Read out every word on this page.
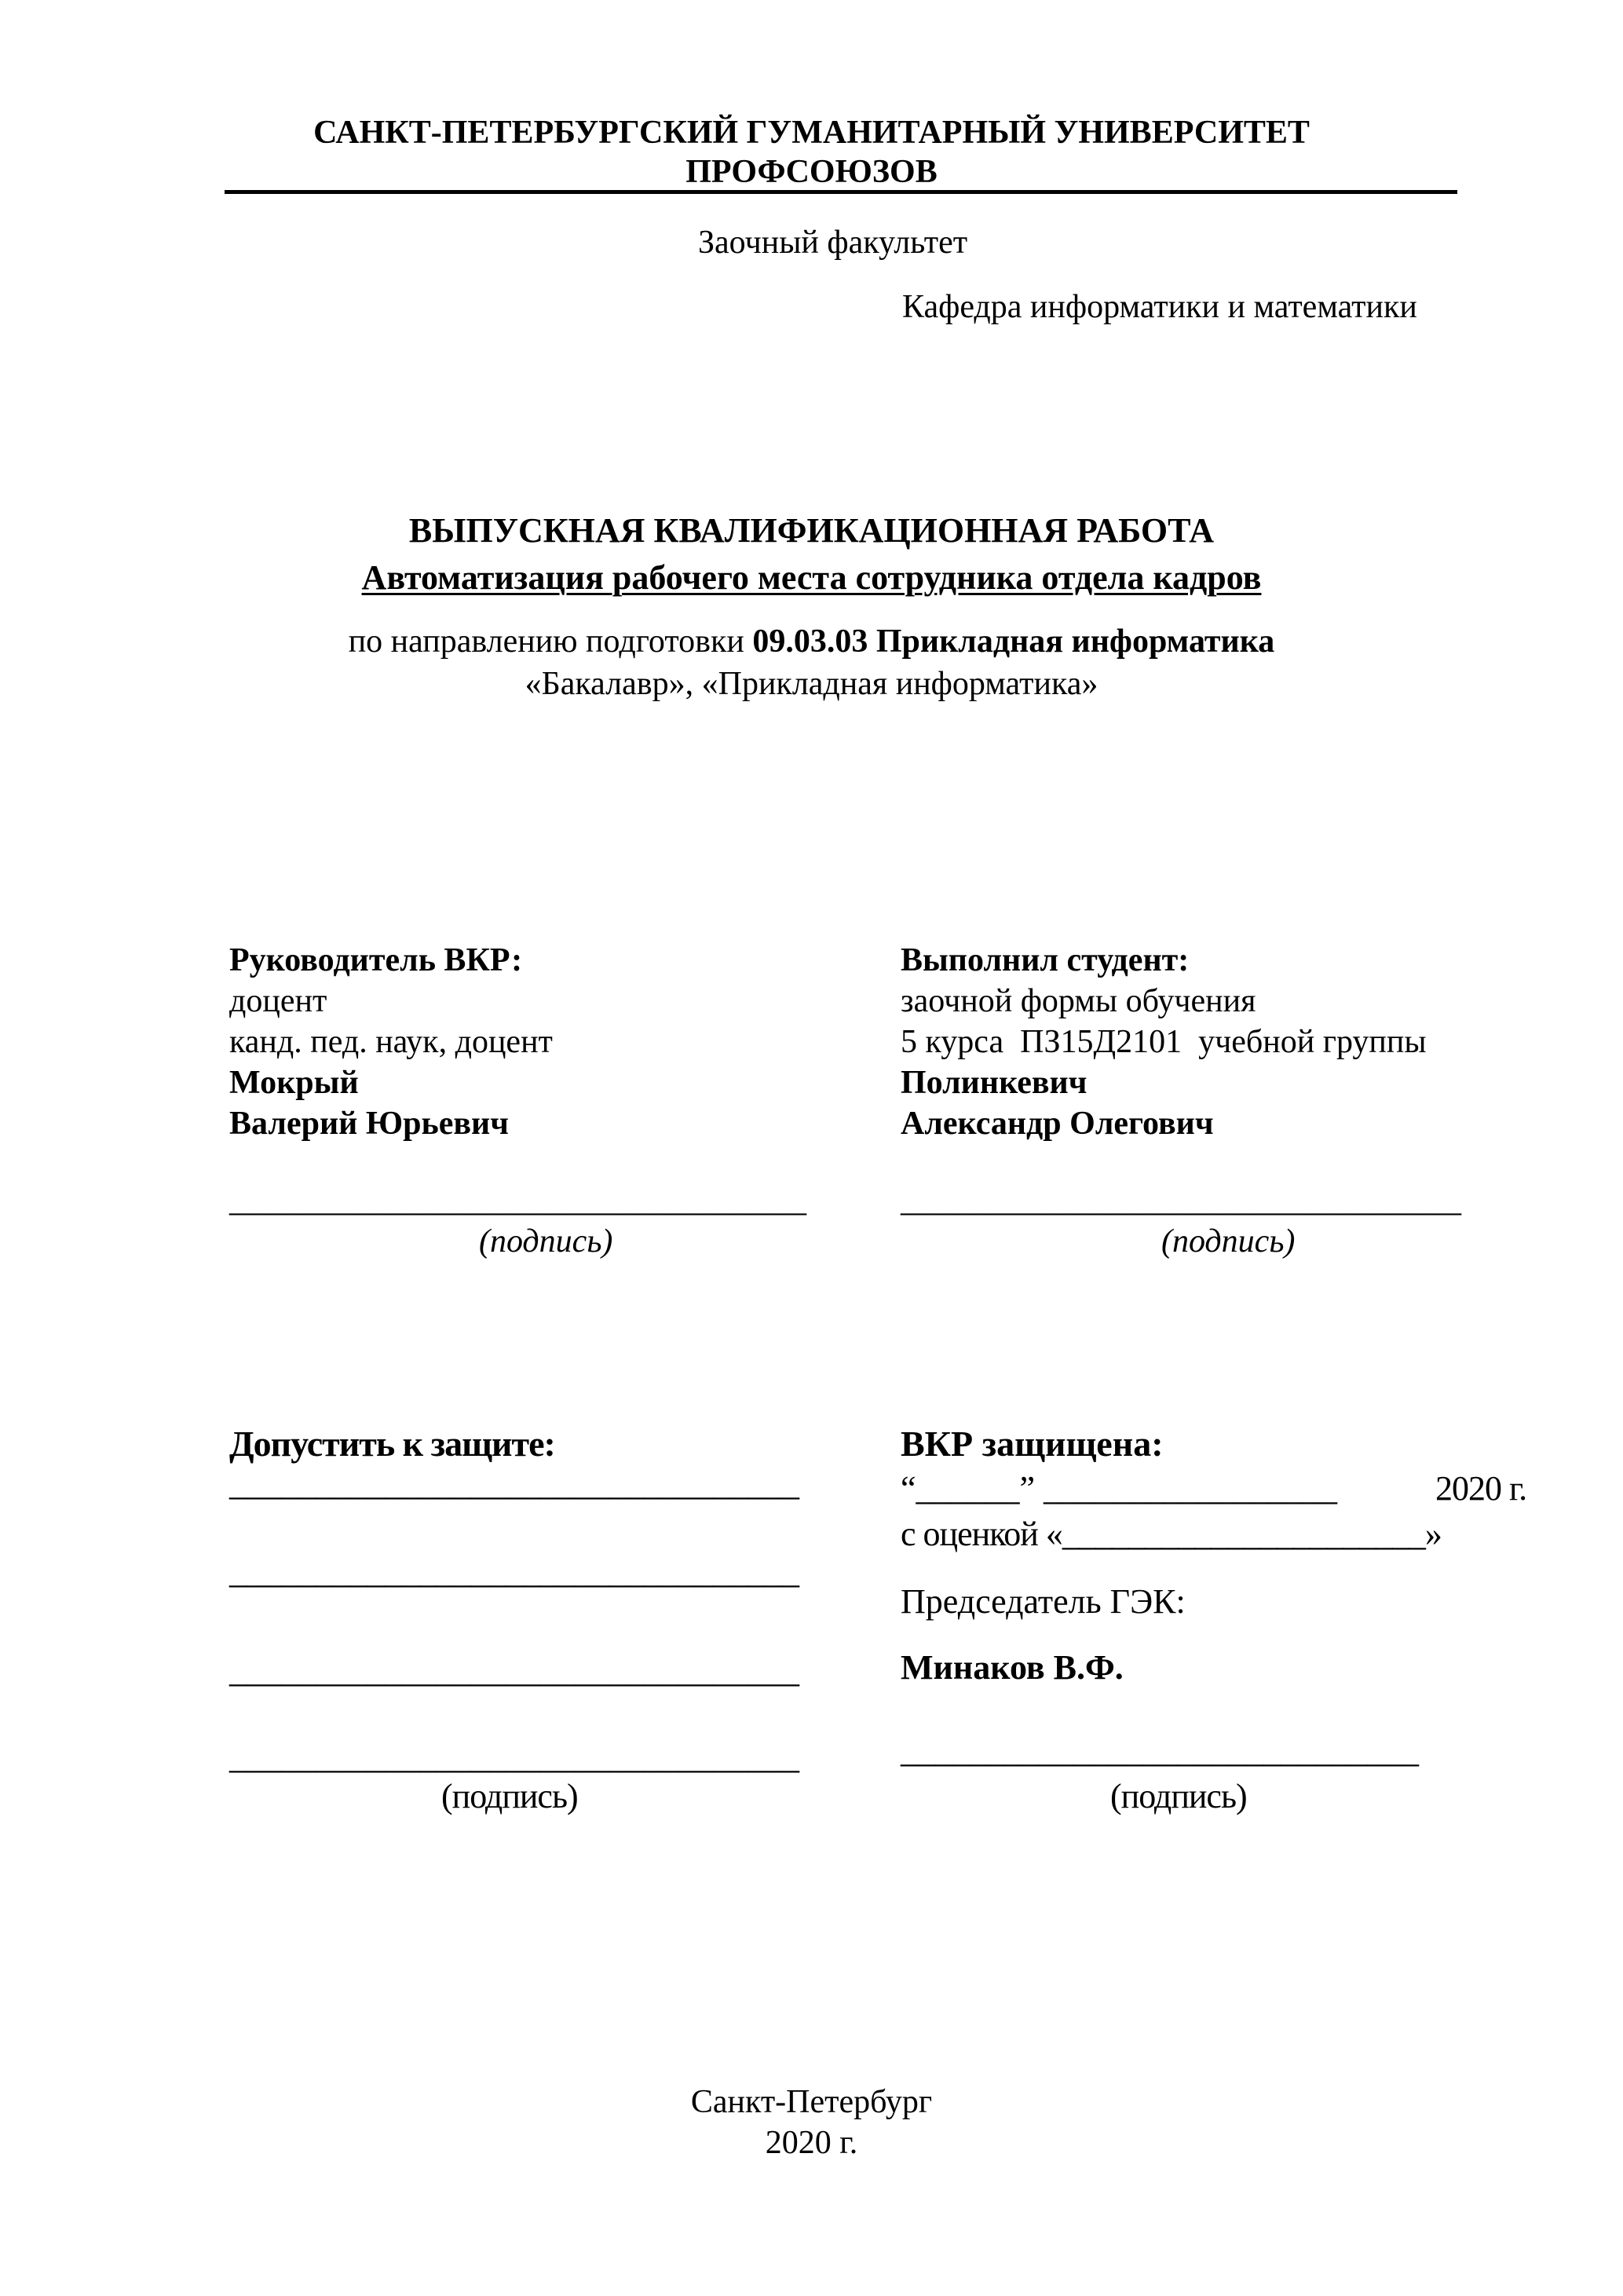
САНКТ-ПЕТЕРБУРГСКИЙ ГУМАНИТАРНЫЙ УНИВЕРСИТЕТ
ПРОФСОЮЗОВ
Заочный факультет
Кафедра информатики и математики
ВЫПУСКНАЯ КВАЛИФИКАЦИОННАЯ РАБОТА
Автоматизация рабочего места сотрудника отдела кадров
по направлению подготовки 09.03.03 Прикладная информатика
«Бакалавр», «Прикладная информатика»
Руководитель ВКР:
доцент
канд. пед. наук, доцент
Мокрый
Валерий Юрьевич
___________________________________
(подпись)
Выполнил студент:
заочной формы обучения
5 курса  ПЗ15Д2101  учебной группы
Полинкевич
Александр Олегович
__________________________________
(подпись)
Допустить к защите:
_________________________________
_________________________________
_________________________________
_________________________________
(подпись)
ВКР защищена:
“______” _________________	2020 г.
с оценкой «______________________»
Председатель ГЭК:
Минаков В.Ф.
______________________________
(подпись)
Санкт-Петербург
2020 г.
